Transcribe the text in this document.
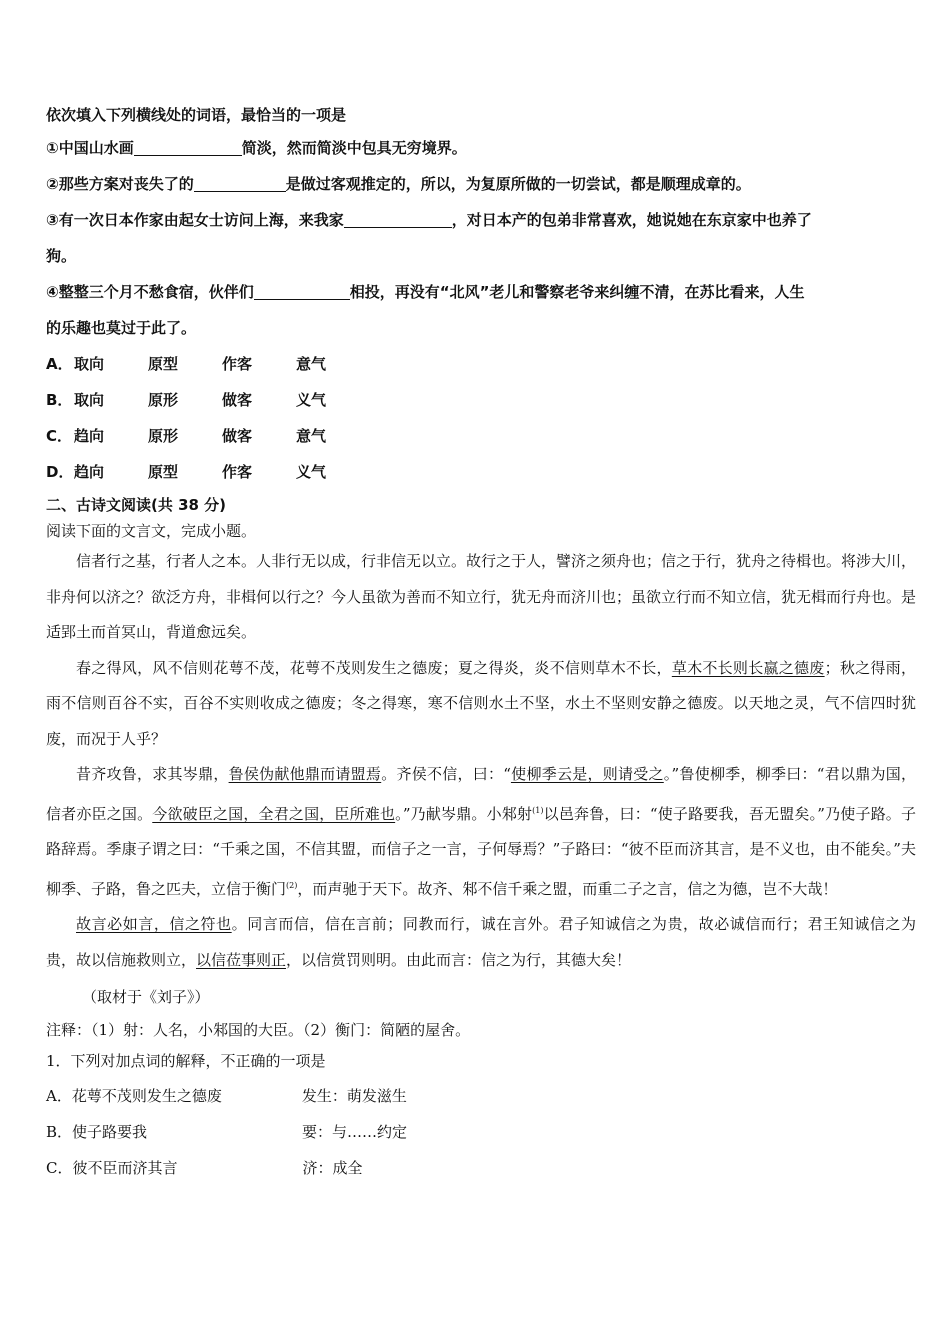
依次填入下列横线处的词语，最恰当的一项是
①中国山水画	简淡，然而简淡中包具无穷境界。
②那些方案对丧失了的	是做过客观推定的，所以，为复原所做的一切尝试，都是顺理成章的。
③有一次日本作家由起女士访问上海，来我家	，对日本产的包弟非常喜欢，她说她在东京家中也养了
狗。
④整整三个月不愁食宿，伙伴们	相投，再没有“北风”老儿和警察老爷来纠缠不清，在苏比看来，人生
的乐趣也莫过于此了。
A．取向	原型	作客	意气
B． 取向	原形	做客	义气
C． 趋向	原形	做客	意气
D．趋向	原型	作客	义气
二、古诗文阅读(共 38 分)
阅读下面的文言文，完成小题。

信者行之基，行者人之本。人非行无以成，行非信无以立。故行之于人，譬济之须舟也；信之于行，犹舟之待楫也。将涉大川，非舟何以济之？欲泛方舟，非楫何以行之？今人虽欲为善而不知立行，犹无舟而济川也；虽欲立行而不知立信，犹无楫而行舟也。是适郢土而首冥山，背道愈远矣。

春之得风，风不信则花萼不茂，花萼不茂则发生之德废；夏之得炎，炎不信则草木不长，草木不长则长嬴之德废；秋之得雨，雨不信则百谷不实，百谷不实则收成之德废；冬之得寒，寒不信则水土不坚，水土不坚则安静之德废。以天地之灵，气不信四时犹废，而况于人乎？

昔齐攻鲁，求其岑鼎，鲁侯伪献他鼎而请盟焉。齐侯不信，曰：“使柳季云是，则请受之。”鲁使柳季，柳季曰：“君以鼎为国，信者亦臣之国。今欲破臣之国，全君之国，臣所难也。”乃献岑鼎。小邾射$^{(1)}$以邑奔鲁，曰：“使子路要我，吾无盟矣。”乃使子路。子路辞焉。季康子谓之曰：“千乘之国，不信其盟，而信子之一言，子何辱焉？”子路曰：“彼不臣而济其言，是不义也，由不能矣。”夫柳季、子路，鲁之匹夫，立信于衡门$^{(2)}$，而声驰于天下。故齐、邾不信千乘之盟，而重二子之言，信之为德，岂不大哉！

故言必如言，信之符也。同言而信，信在言前；同教而行，诚在言外。君子知诚信之为贵，故必诚信而行；君王知诚信之为贵，故以信施救则立，以信莅事则正，以信赏罚则明。由此而言：信之为行，其德大矣！

（取材于《刘子》）
注释：（1）射：人名，小邾国的大臣。（2）衡门：简陋的屋舍。
1．下列对加点词的解释，不正确的一项是
A．花萼不茂则发生之德废	发生：萌发滋生
B．使子路要我	要：与……约定
C．彼不臣而济其言	济：成全
